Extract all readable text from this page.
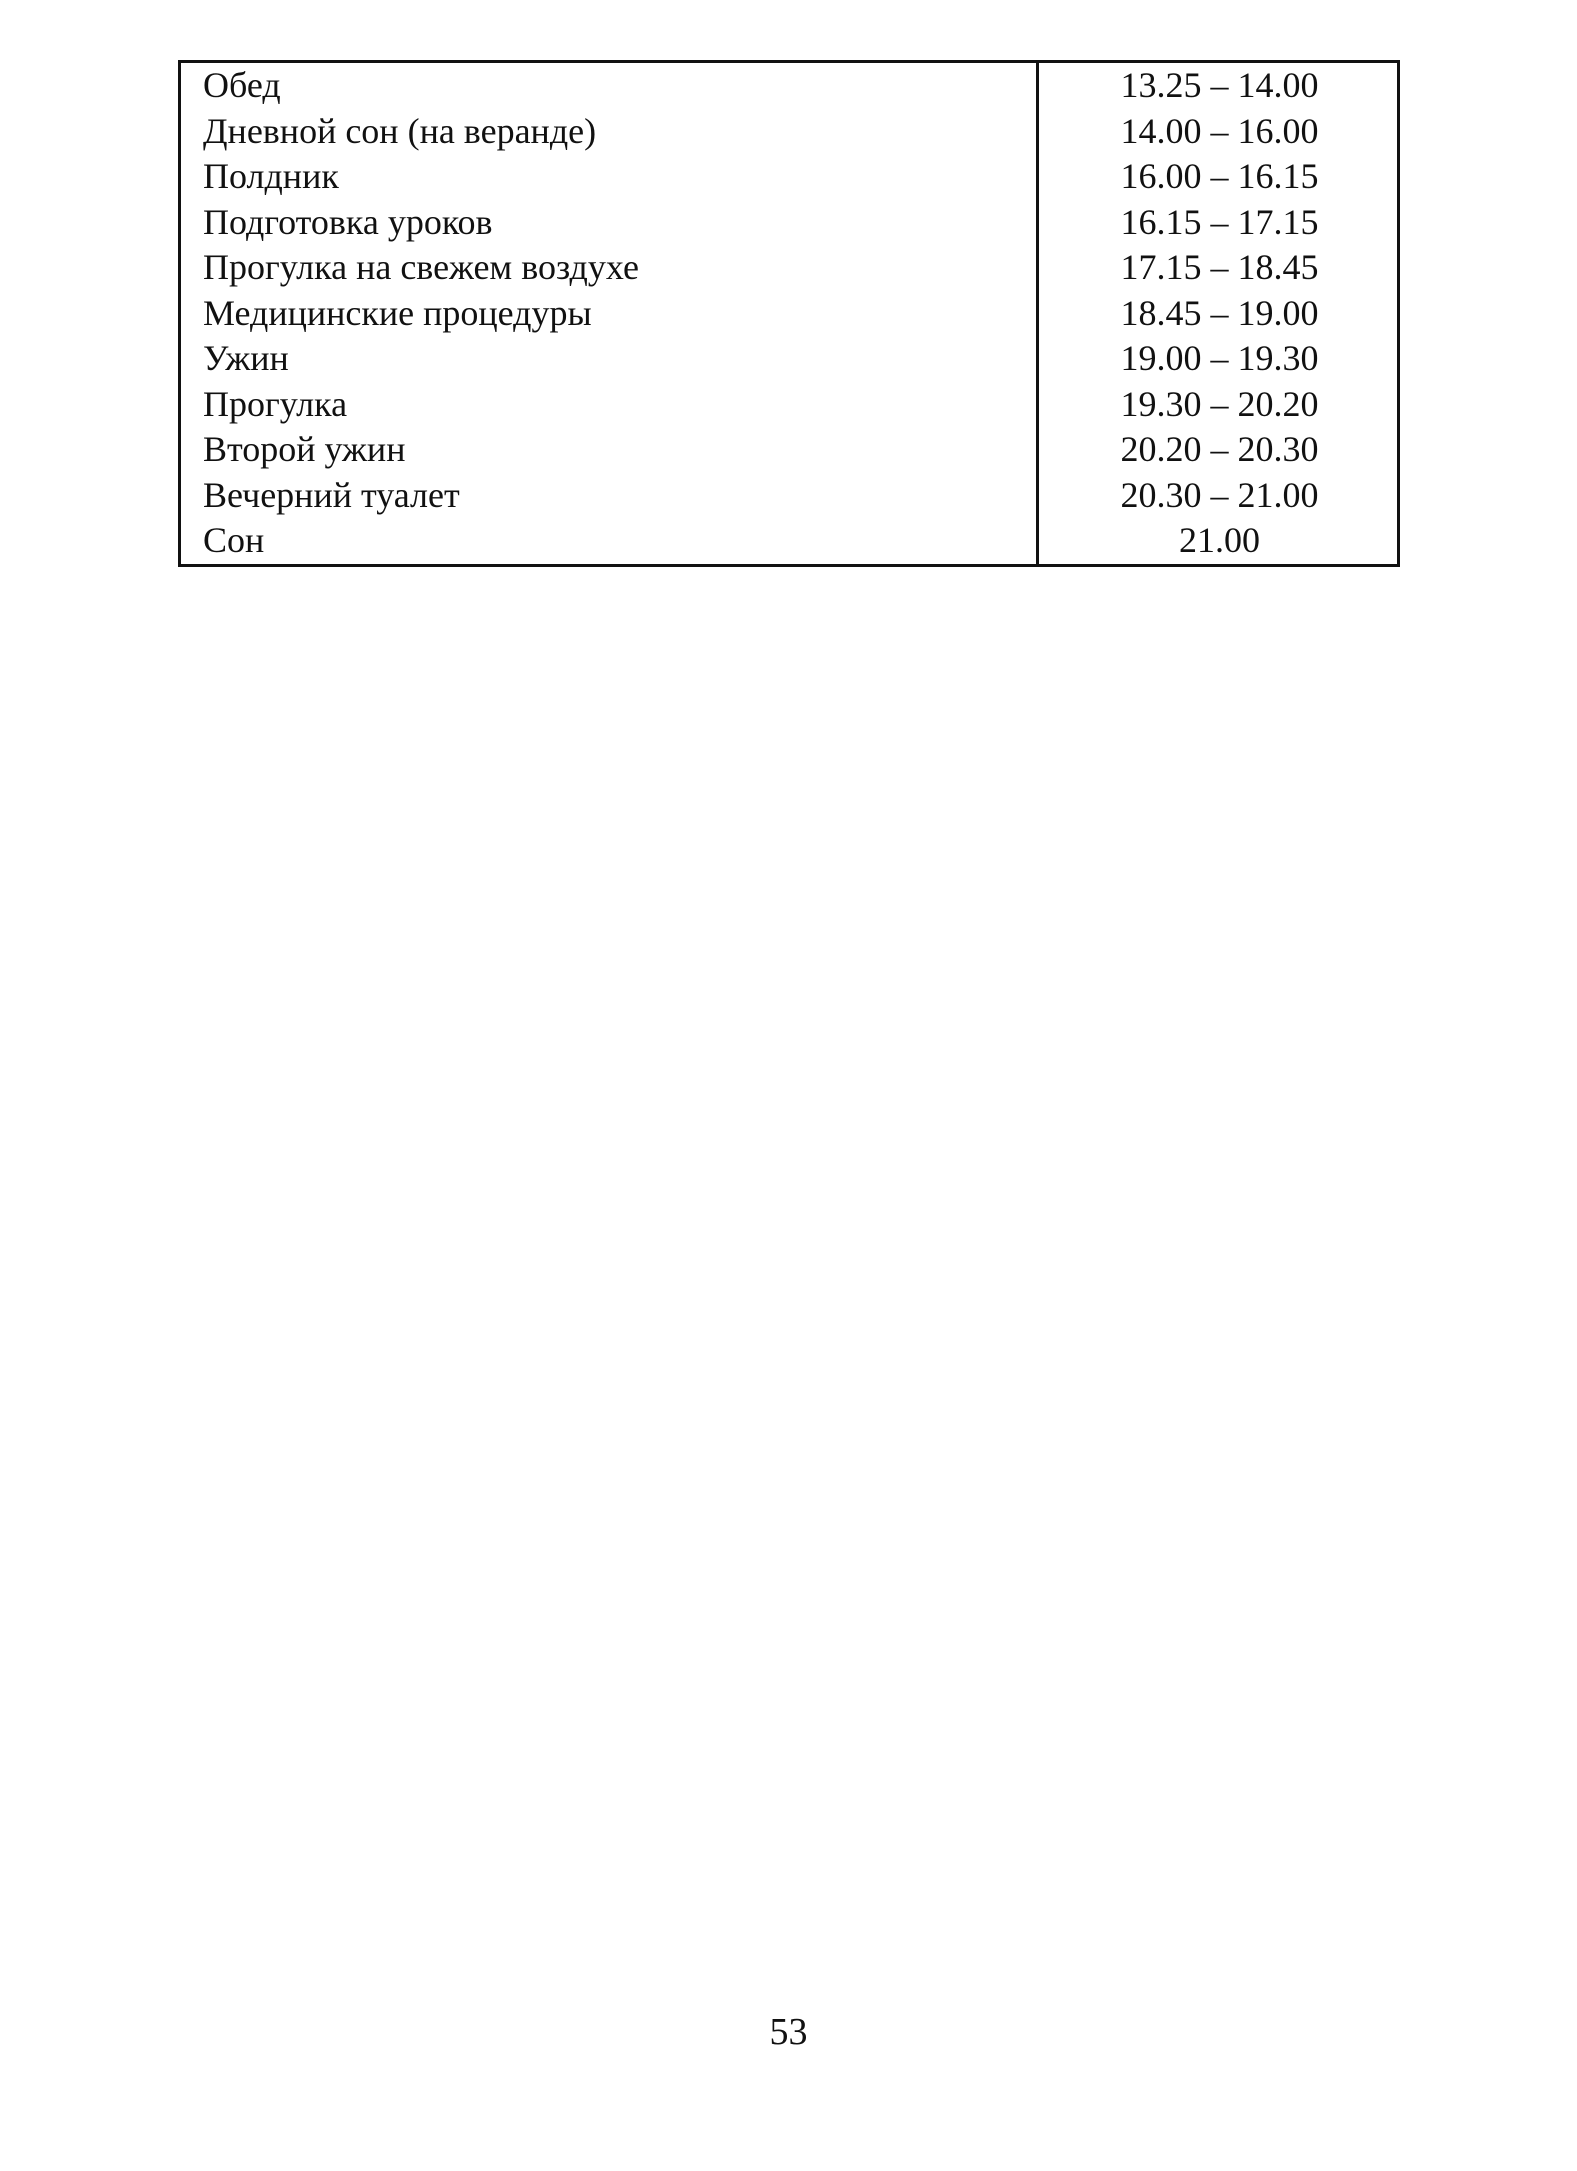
Обед	13.25 – 14.00
Дневной сон (на веранде)	14.00 – 16.00
Полдник	16.00 – 16.15
Подготовка уроков	16.15 – 17.15
Прогулка на свежем воздухе	17.15 – 18.45
Медицинские процедуры	18.45 – 19.00
Ужин	19.00 – 19.30
Прогулка	19.30 – 20.20
Второй ужин	20.20 – 20.30
Вечерний туалет	20.30 – 21.00
Сон	21.00
53
